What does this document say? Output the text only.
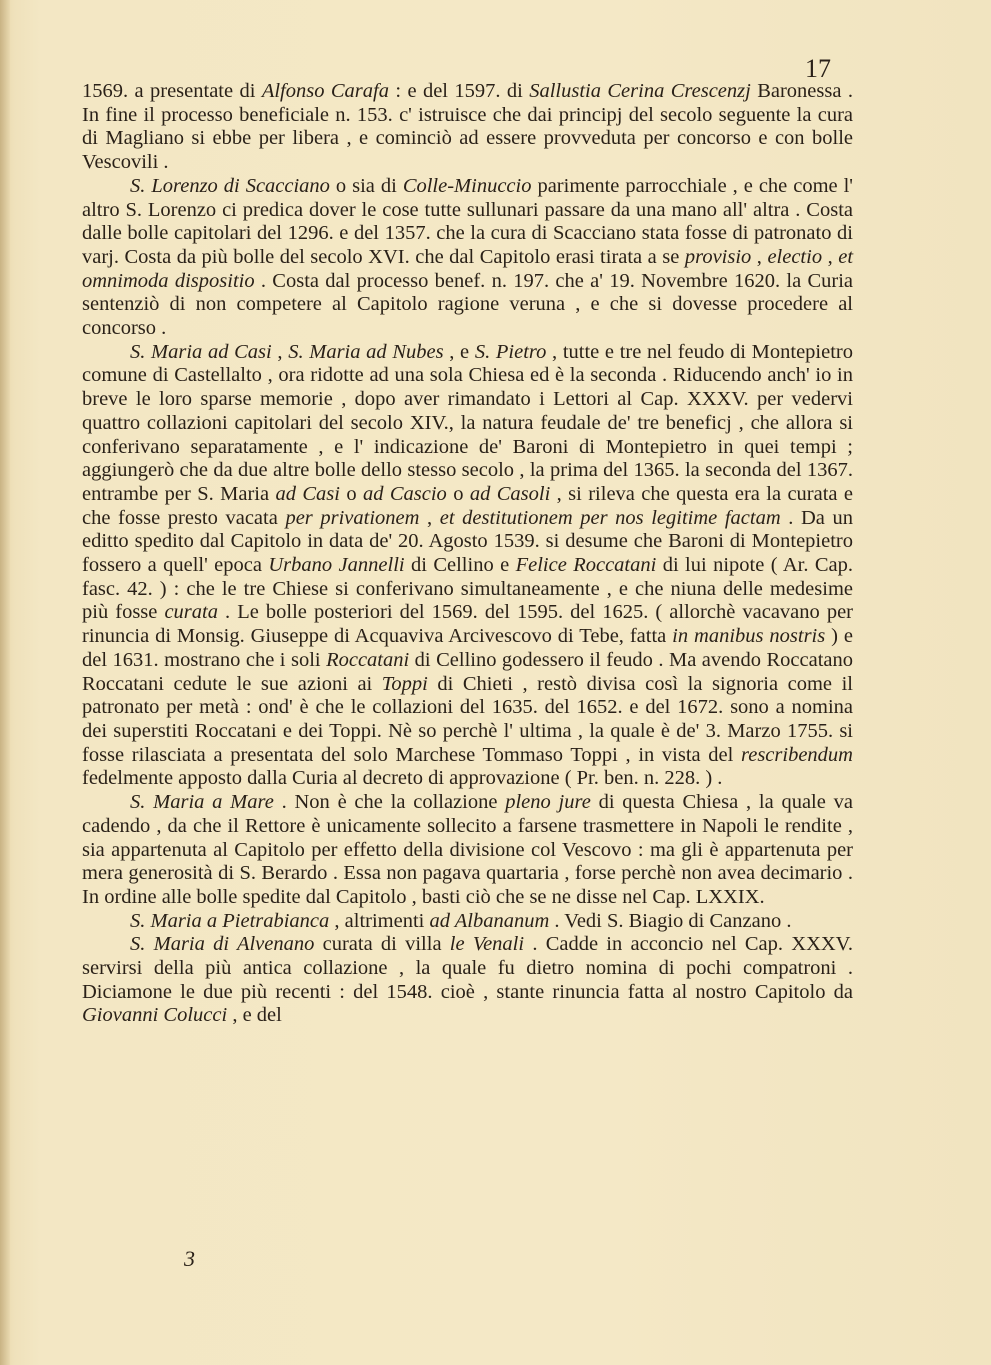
17

1569. a presentate di Alfonso Carafa : e del 1597. di Sallustia Cerina Crescenzj Baronessa . In fine il processo beneficiale n. 153. c' istruisce che dai principj del secolo seguente la cura di Magliano si ebbe per libera , e cominciò ad essere provveduta per concorso e con bolle Vescovili .

S. Lorenzo di Scacciano o sia di Colle-Minuccio parimente parrocchiale , e che come l' altro S. Lorenzo ci predica dover le cose tutte sullunari passare da una mano all' altra . Costa dalle bolle capitolari del 1296. e del 1357. che la cura di Scacciano stata fosse di patronato di varj. Costa da più bolle del secolo XVI. che dal Capitolo erasi tirata a se provisio , electio , et omnimoda dispositio . Costa dal processo benef. n. 197. che a' 19. Novembre 1620. la Curia sentenziò di non competere al Capitolo ragione veruna , e che si dovesse procedere al concorso .

S. Maria ad Casi , S. Maria ad Nubes , e S. Pietro , tutte e tre nel feudo di Montepietro comune di Castellalto , ora ridotte ad una sola Chiesa ed è la seconda . Riducendo anch' io in breve le loro sparse memorie , dopo aver rimandato i Lettori al Cap. XXXV. per vedervi quattro collazioni capitolari del secolo XIV., la natura feudale de' tre beneficj , che allora si conferivano separatamente , e l' indicazione de' Baroni di Montepietro in quei tempi ; aggiungerò che da due altre bolle dello stesso secolo , la prima del 1365. la seconda del 1367. entrambe per S. Maria ad Casi o ad Cascio o ad Casoli , si rileva che questa era la curata e che fosse presto vacata per privationem , et destitutionem per nos legitime factam . Da un editto spedito dal Capitolo in data de' 20. Agosto 1539. si desume che Baroni di Montepietro fossero a quell' epoca Urbano Jannelli di Cellino e Felice Roccatani di lui nipote ( Ar. Cap. fasc. 42. ) : che le tre Chiese si conferivano simultaneamente , e che niuna delle medesime più fosse curata . Le bolle posteriori del 1569. del 1595. del 1625. ( allorchè vacavano per rinuncia di Monsig. Giuseppe di Acquaviva Arcivescovo di Tebe, fatta in manibus nostris ) e del 1631. mostrano che i soli Roccatani di Cellino godessero il feudo . Ma avendo Roccatano Roccatani cedute le sue azioni ai Toppi di Chieti , restò divisa così la signoria come il patronato per metà : ond' è che le collazioni del 1635. del 1652. e del 1672. sono a nomina dei superstiti Roccatani e dei Toppi. Nè so perchè l' ultima , la quale è de' 3. Marzo 1755. si fosse rilasciata a presentata del solo Marchese Tommaso Toppi , in vista del rescribendum fedelmente apposto dalla Curia al decreto di approvazione ( Pr. ben. n. 228. ) .

S. Maria a Mare . Non è che la collazione pleno jure di questa Chiesa , la quale va cadendo , da che il Rettore è unicamente sollecito a farsene trasmettere in Napoli le rendite , sia appartenuta al Capitolo per effetto della divisione col Vescovo : ma gli è appartenuta per mera generosità di S. Berardo . Essa non pagava quartaria , forse perchè non avea decimario . In ordine alle bolle spedite dal Capitolo , basti ciò che se ne disse nel Cap. LXXIX.

S. Maria a Pietrabianca , altrimenti ad Albananum . Vedi S. Biagio di Canzano .

S. Maria di Alvenano curata di villa le Venali . Cadde in acconcio nel Cap. XXXV. servirsi della più antica collazione , la quale fu dietro nomina di pochi compatroni . Diciamone le due più recenti : del 1548. cioè , stante rinuncia fatta al nostro Capitolo da Giovanni Colucci , e del

3
